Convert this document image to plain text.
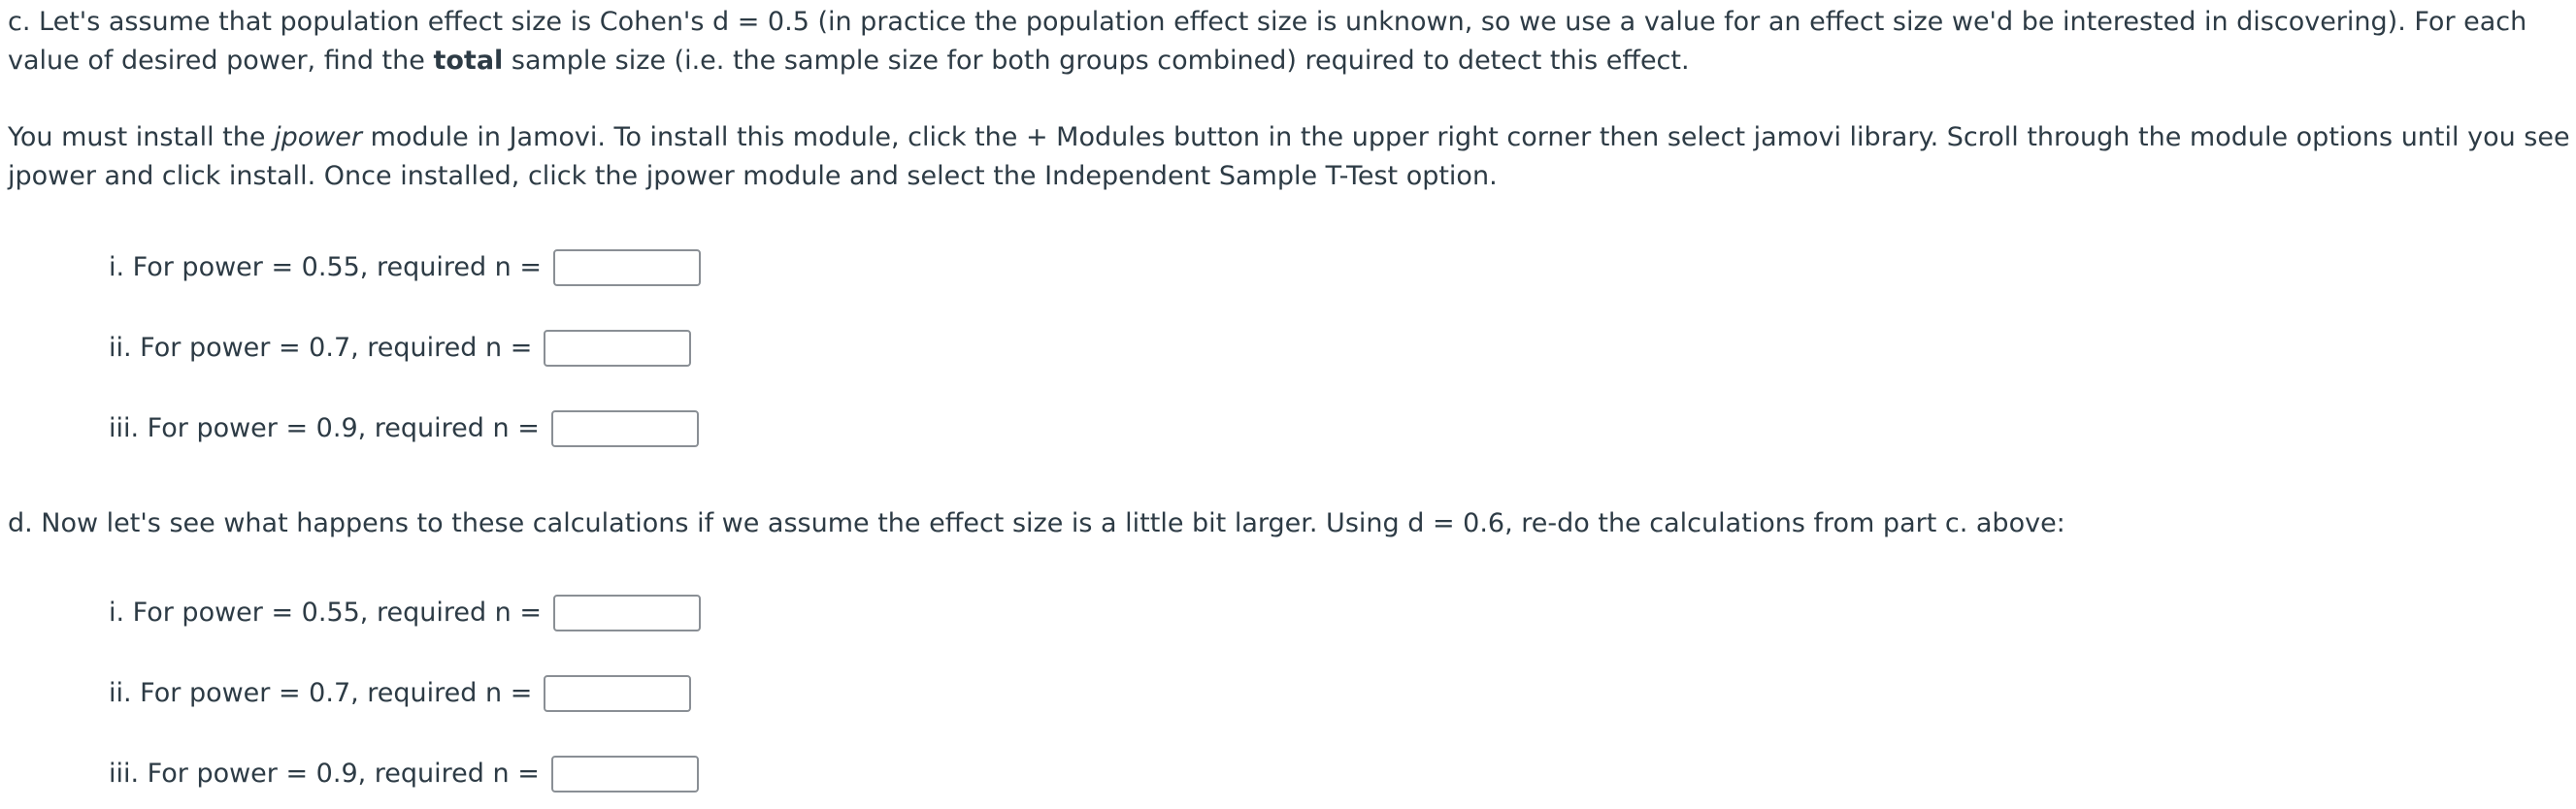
c. Let's assume that population effect size is Cohen's d = 0.5 (in practice the population effect size is unknown, so we use a value for an effect size we'd be interested in discovering). For each value of desired power, find the total sample size (i.e. the sample size for both groups combined) required to detect this effect.

You must install the jpower module in Jamovi. To install this module, click the + Modules button in the upper right corner then select jamovi library. Scroll through the module options until you see jpower and click install. Once installed, click the jpower module and select the Independent Sample T-Test option.

i. For power = 0.55, required n =
ii. For power = 0.7, required n =
iii. For power = 0.9, required n =

d. Now let's see what happens to these calculations if we assume the effect size is a little bit larger. Using d = 0.6, re-do the calculations from part c. above:

i. For power = 0.55, required n =
ii. For power = 0.7, required n =
iii. For power = 0.9, required n =
